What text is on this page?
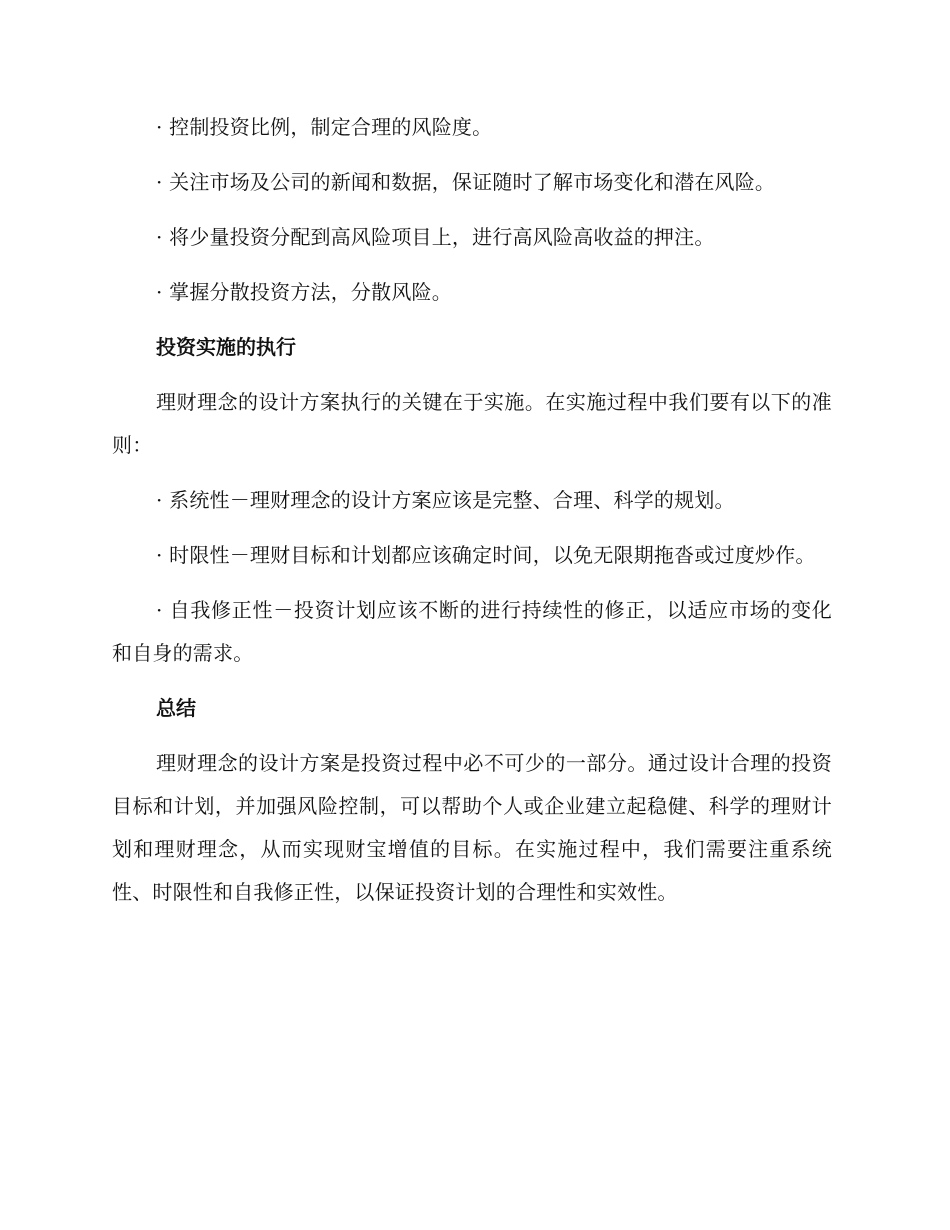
· 控制投资比例，制定合理的风险度。

· 关注市场及公司的新闻和数据，保证随时了解市场变化和潜在风险。

· 将少量投资分配到高风险项目上，进行高风险高收益的押注。

· 掌握分散投资方法，分散风险。

投资实施的执行

理财理念的设计方案执行的关键在于实施。在实施过程中我们要有以下的准则：

· 系统性－理财理念的设计方案应该是完整、合理、科学的规划。

· 时限性－理财目标和计划都应该确定时间，以免无限期拖沓或过度炒作。

· 自我修正性－投资计划应该不断的进行持续性的修正，以适应市场的变化和自身的需求。

总结

理财理念的设计方案是投资过程中必不可少的一部分。通过设计合理的投资目标和计划，并加强风险控制，可以帮助个人或企业建立起稳健、科学的理财计划和理财理念，从而实现财宝增值的目标。在实施过程中，我们需要注重系统性、时限性和自我修正性，以保证投资计划的合理性和实效性。
